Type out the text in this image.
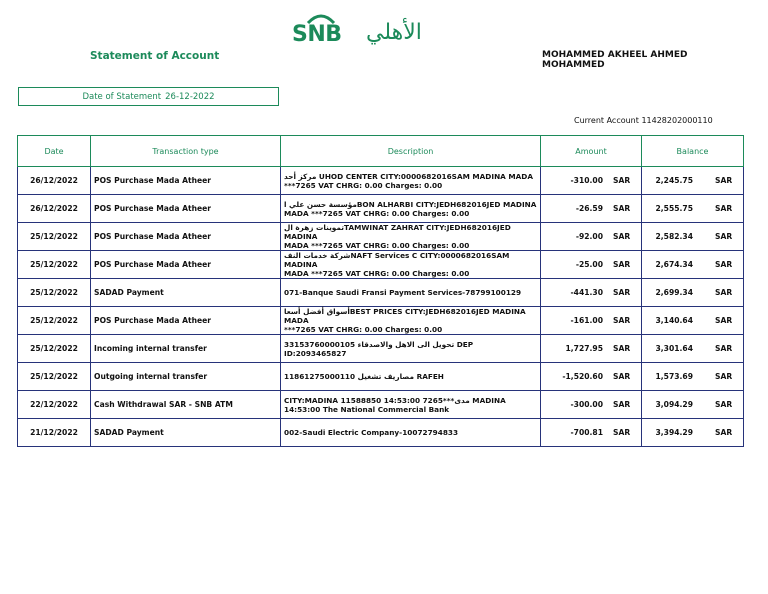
SNB الأهلي
Statement of Account	MOHAMMED AKHEEL AHMED MOHAMMED
Date of Statement 26-12-2022
Current Account 11428202000110
Date	Transaction type	Description	Amount	Balance
26/12/2022	POS Purchase Mada Atheer	مركز أحد UHOD CENTER CITY:0000682016SAM MADINA MADA
***7265 VAT CHRG: 0.00 Charges: 0.00	-310.00 SAR	2,245.75 SAR
26/12/2022	POS Purchase Mada Atheer	مؤسسة حسن علي اBON ALHARBI CITY:JEDH682016JED MADINA
MADA ***7265 VAT CHRG: 0.00 Charges: 0.00	-26.59 SAR	2,555.75 SAR
25/12/2022	POS Purchase Mada Atheer	تموينات زهرة الTAMWINAT ZAHRAT CITY:JEDH682016JED MADINA
MADA ***7265 VAT CHRG: 0.00 Charges: 0.00	-92.00 SAR	2,582.34 SAR
25/12/2022	POS Purchase Mada Atheer	شركة خدمات النفNAFT Services C CITY:0000682016SAM MADINA
MADA ***7265 VAT CHRG: 0.00 Charges: 0.00	-25.00 SAR	2,674.34 SAR
25/12/2022	SADAD Payment	071-Banque Saudi Fransi Payment Services-78799100129	-441.30 SAR	2,699.34 SAR
25/12/2022	POS Purchase Mada Atheer	أسواق أفضل أسعاBEST PRICES CITY:JEDH682016JED MADINA MADA
***7265 VAT CHRG: 0.00 Charges: 0.00	-161.00 SAR	3,140.64 SAR
25/12/2022	Incoming internal transfer	33153760000105 تحويل الى الاهل والاصدقاء DEP ID:2093465827	1,727.95 SAR	3,301.64 SAR
25/12/2022	Outgoing internal transfer	11861275000110 مصاريف تشغيل RAFEH	-1,520.60 SAR	1,573.69 SAR
22/12/2022	Cash Withdrawal SAR - SNB ATM	CITY:MADINA 11588850 14:53:00 7265***مدى MADINA
14:53:00 The National Commercial Bank	-300.00 SAR	3,094.29 SAR
21/12/2022	SADAD Payment	002-Saudi Electric Company-10072794833	-700.81 SAR	3,394.29 SAR
